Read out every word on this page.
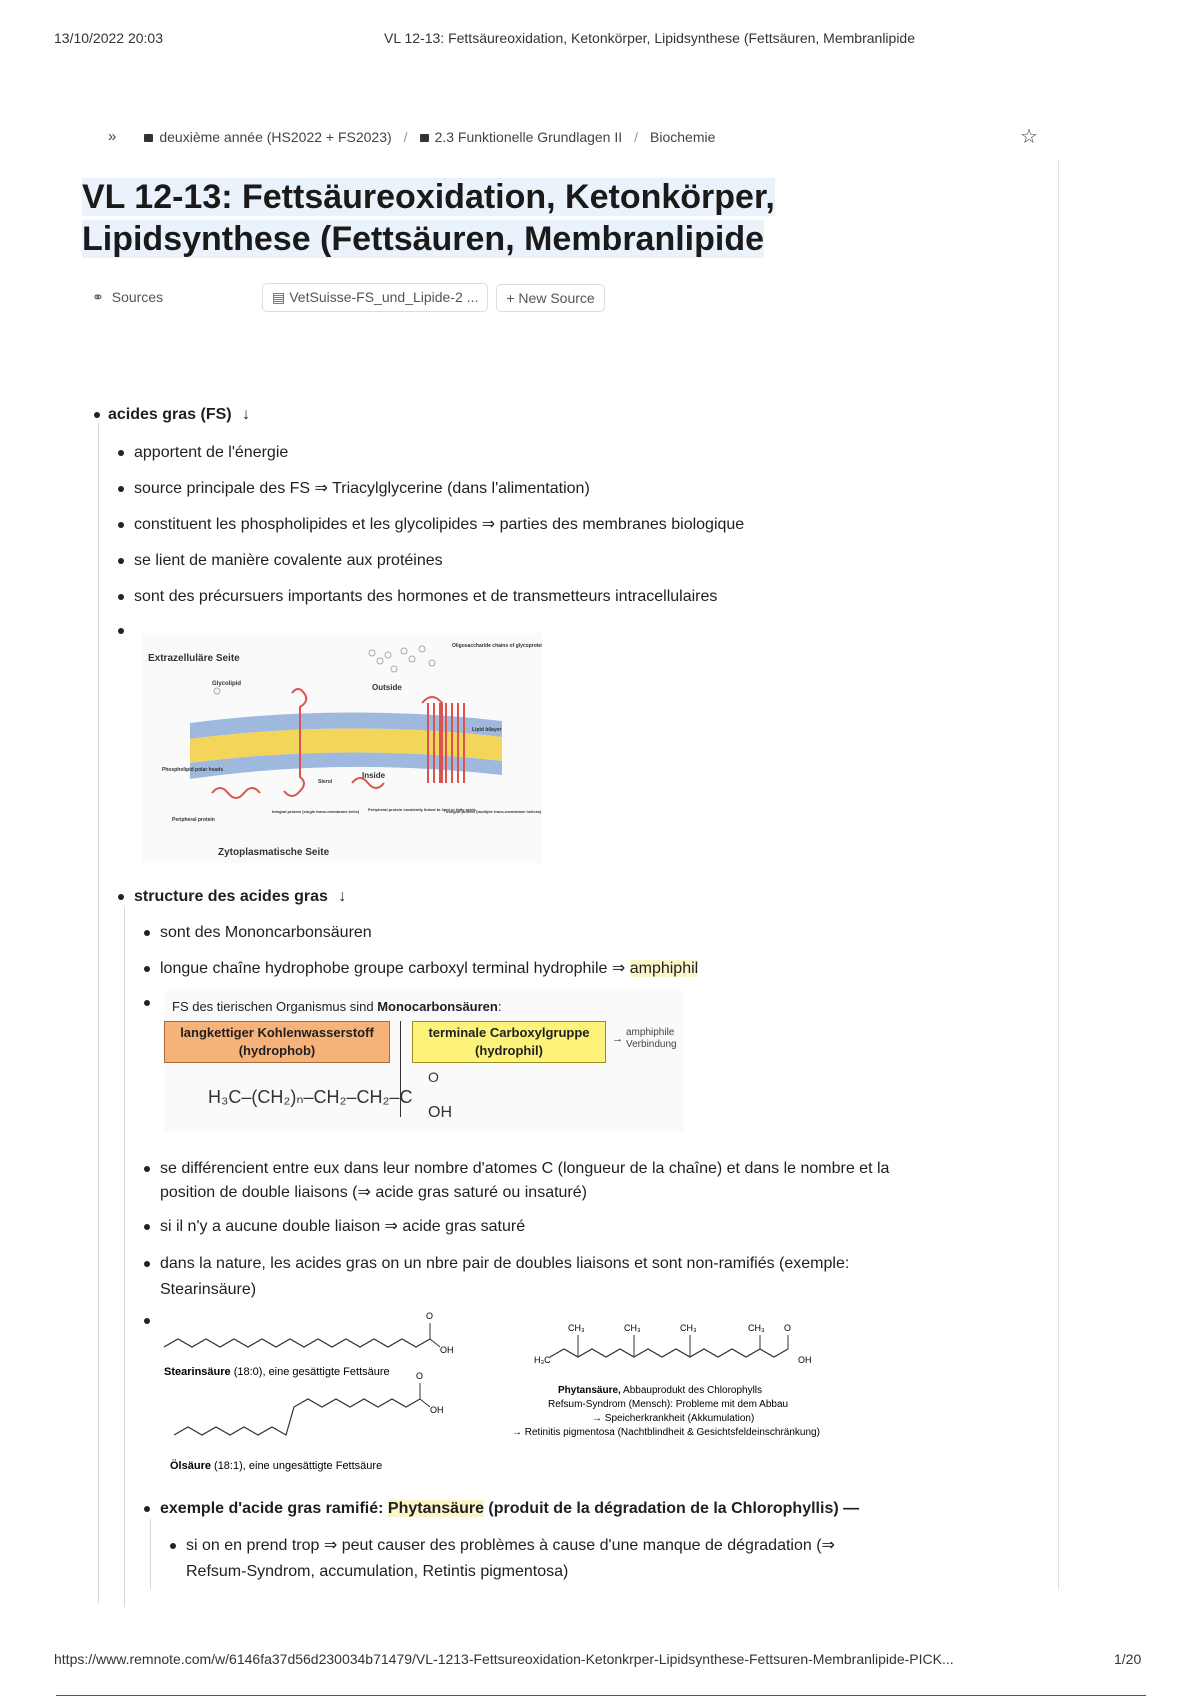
13/10/2022 20:03	VL 12-13: Fettsäureoxidation, Ketonkörper, Lipidsynthese (Fettsäuren, Membranlipide
»	deuxième année (HS2022 + FS2023) /	2.3 Funktionelle Grundlagen II / Biochemie	☆
VL 12-13: Fettsäureoxidation, Ketonkörper,
Lipidsynthese (Fettsäuren, Membranlipide
⚭ Sources	▤ VetSuisse-FS_und_Lipide-2 ...	+ New Source
acides gras (FS) ↓
apportent de l'énergie
source principale des FS ⇒ Triacylglycerine (dans l'alimentation)
constituent les phospholipides et les glycolipides ⇒ parties des membranes biologique
se lient de manière covalente aux protéines
sont des précursuers importants des hormones et de transmetteurs intracellulaires
Extrazelluläre Seite
Glycolipid	Outside
Oligosaccharide chains of glycoprotein
Lipid bilayer
Phospholipid polar heads
Sterol
Inside
Peripheral protein
Integral protein (single trans-membrane helix) Peripheral protein covalently linked to lipid or fatty acids
Integral protein (multiple trans-membrane helices)
Zytoplasmatische Seite
structure des acides gras ↓
sont des Mononcarbonsäuren
longue chaîne hydrophobe groupe carboxyl terminal hydrophile ⇒ amphiphil
FS des tierischen Organismus sind Monocarbonsäuren:
langkettiger Kohlenwasserstoff
(hydrophob)
terminale Carboxylgruppe
(hydrophil)
→
amphiphile
Verbindung
H₃C–(CH₂)ₙ–CH₂–CH₂–C
O
OH
se différencient entre eux dans leur nombre d'atomes C (longueur de la chaîne) et dans le nombre et la
position de double liaisons (⇒ acide gras saturé ou insaturé)
si il n'y a aucune double liaison ⇒ acide gras saturé
dans la nature, les acides gras on un nbre pair de doubles liaisons et sont non-ramifiés (exemple:
Stearinsäure)
O
OH
Stearinsäure (18:0), eine gesättigte Fettsäure	O
OH
Ölsäure (18:1), eine ungesättigte Fettsäure
CH₃	CH₃	CH₃	CH₃
H₃C
O
OH
Phytansäure, Abbauprodukt des Chlorophylls
Refsum-Syndrom (Mensch): Probleme mit dem Abbau
→ Speicherkrankheit (Akkumulation)
→ Retinitis pigmentosa (Nachtblindheit & Gesichtsfeldeinschränkung)
exemple d'acide gras ramifié: Phytansäure (produit de la dégradation de la Chlorophyllis) —
si on en prend trop ⇒ peut causer des problèmes à cause d'une manque de dégradation (⇒
Refsum-Syndrom, accumulation, Retintis pigmentosa)
https://www.remnote.com/w/6146fa37d56d230034b71479/VL-1213-Fettsureoxidation-Ketonkrper-Lipidsynthese-Fettsuren-Membranlipide-PICK...	1/20
